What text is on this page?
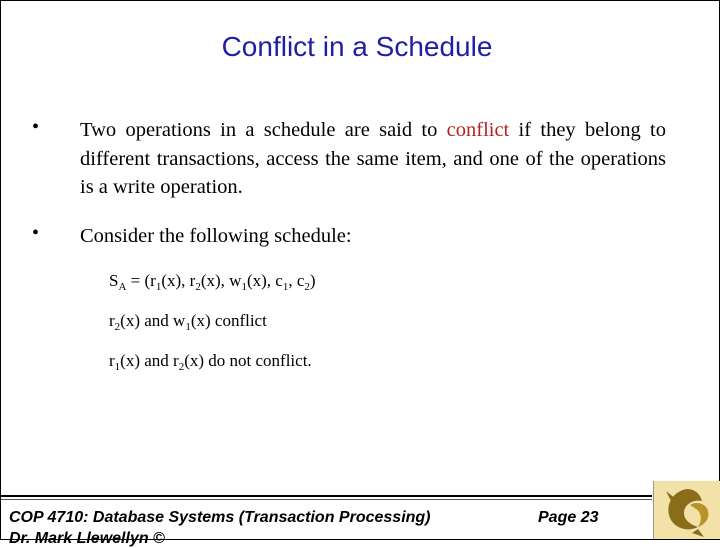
Conflict in a Schedule
• Two operations in a schedule are said to conflict if they belong to different transactions, access the same item, and one of the operations is a write operation.
• Consider the following schedule:
$S_A = (r_1(x)$, $r_2(x)$, $w_1(x)$, $c_1$, $c_2$)
$r_2(x)$ and $w_1(x)$ conflict
$r_1(x)$ and $r_2(x)$ do not conflict.
COP 4710: Database Systems (Transaction Processing)	Page 23
Dr. Mark Llewellyn ©
